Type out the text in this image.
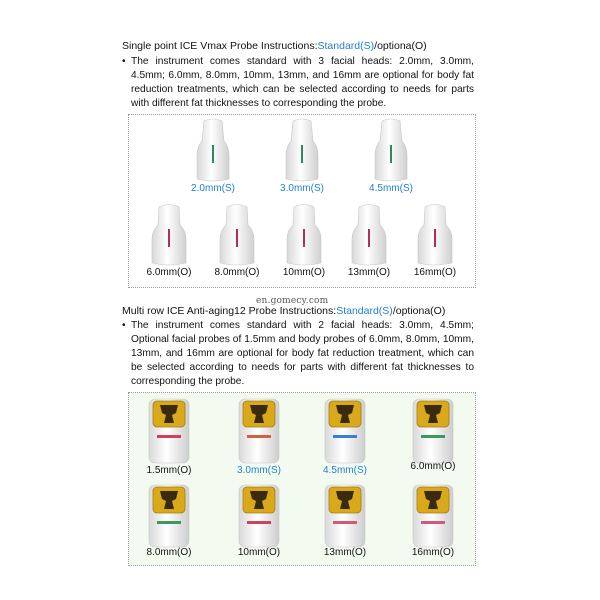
Single point ICE Vmax Probe Instructions:Standard(S)/optiona(O)
• The instrument comes standard with 3 facial heads: 2.0mm, 3.0mm, 4.5mm; 6.0mm, 8.0mm, 10mm, 13mm, and 16mm are optional for body fat reduction treatments, which can be selected according to needs for parts with different fat thicknesses to corresponding the probe.
2.0mm(S)	3.0mm(S)	4.5mm(S)
6.0mm(O)	8.0mm(O)	10mm(O)	13mm(O)	16mm(O)
en.gomecy.com
Multi row ICE Anti-aging12 Probe Instructions:Standard(S)/optiona(O)
• The instrument comes standard with 2 facial heads: 3.0mm, 4.5mm; Optional facial probes of 1.5mm and body probes of 6.0mm, 8.0mm, 10mm, 13mm, and 16mm are optional for body fat reduction treatment, which can be selected according to needs for parts with different fat thicknesses to corresponding the probe.
1.5mm(O)	3.0mm(S)	4.5mm(S)	6.0mm(O)
8.0mm(O)	10mm(O)	13mm(O)	16mm(O)
